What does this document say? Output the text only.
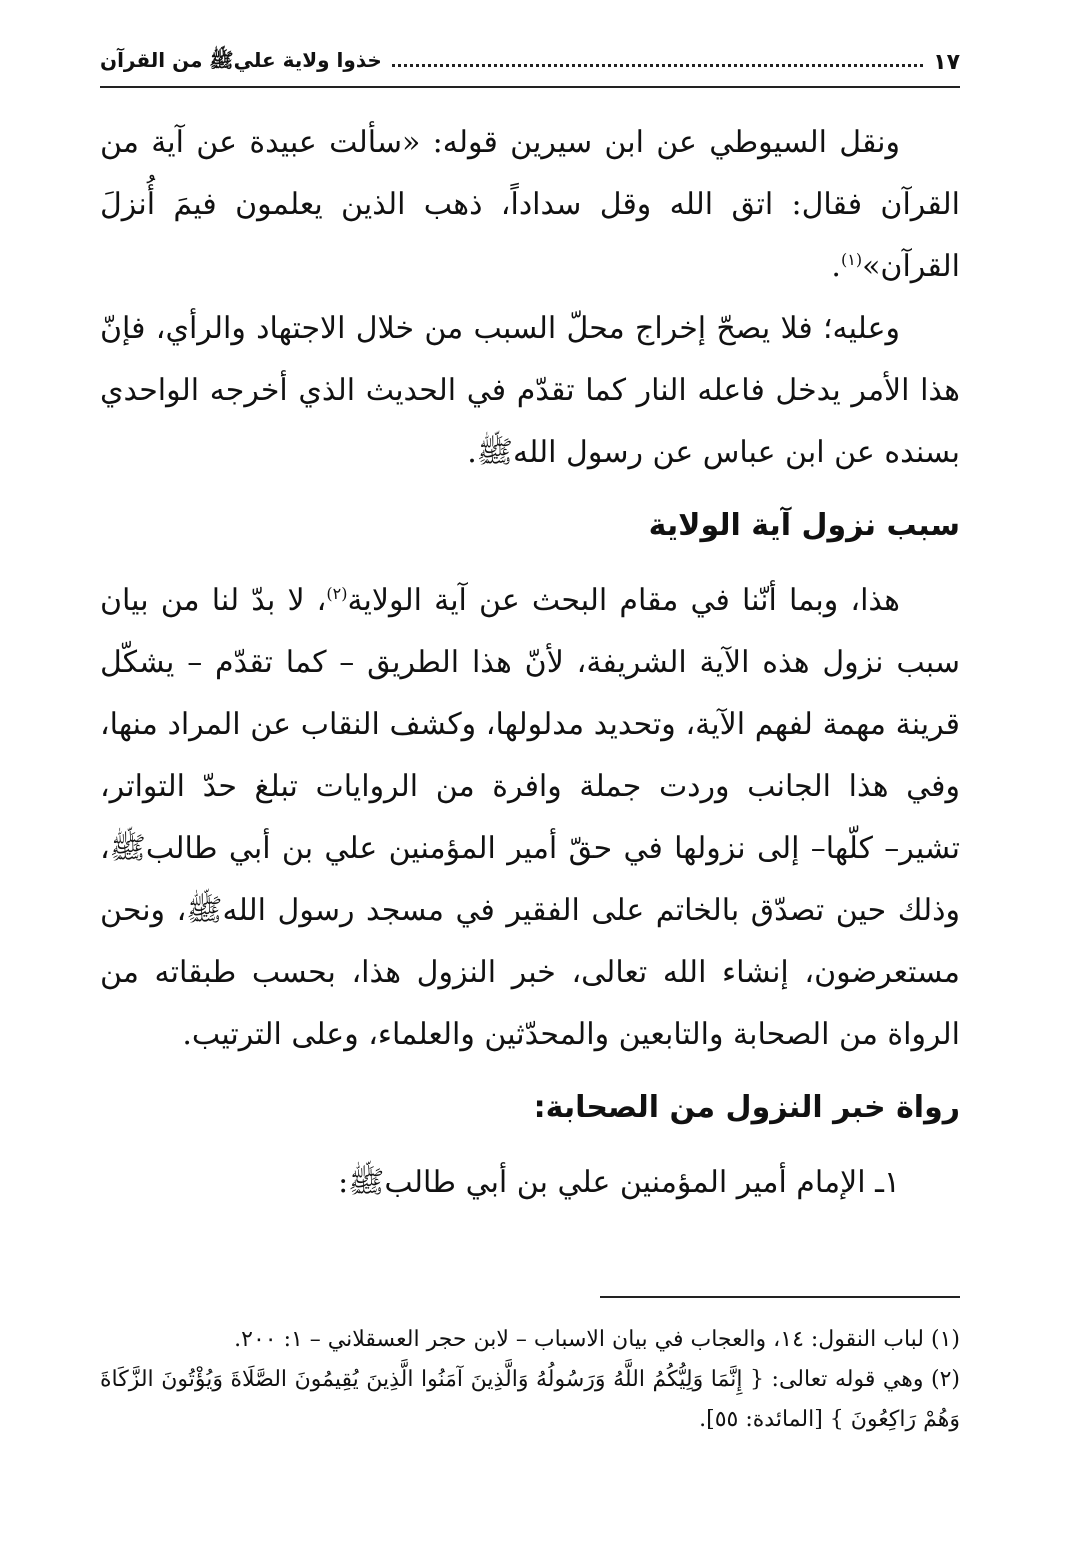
١٧
خذوا ولاية عليﷺ من القرآن

ونقل السيوطي عن ابن سيرين قوله: «سألت عبيدة عن آية من القرآن فقال: اتق الله وقل سداداً، ذهب الذين يعلمون فيمَ أُنزلَ القرآن»$^{(١)}$.

وعليه؛ فلا يصحّ إخراج محلّ السبب من خلال الاجتهاد والرأي، فإنّ هذا الأمر يدخل فاعله النار كما تقدّم في الحديث الذي أخرجه الواحدي بسنده عن ابن عباس عن رسول اللهﷺ.

سبب نزول آية الولاية

هذا، وبما أنّنا في مقام البحث عن آية الولاية$^{(٢)}$، لا بدّ لنا من بيان سبب نزول هذه الآية الشريفة، لأنّ هذا الطريق – كما تقدّم – يشكّل قرينة مهمة لفهم الآية، وتحديد مدلولها، وكشف النقاب عن المراد منها، وفي هذا الجانب وردت جملة وافرة من الروايات تبلغ حدّ التواتر، تشير– كلّها– إلى نزولها في حقّ أمير المؤمنين علي بن أبي طالبﷺ، وذلك حين تصدّق بالخاتم على الفقير في مسجد رسول اللهﷺ، ونحن مستعرضون، إنشاء الله تعالى، خبر النزول هذا، بحسب طبقاته من الرواة من الصحابة والتابعين والمحدّثين والعلماء، وعلى الترتيب.

رواة خبر النزول من الصحابة:

١ـ الإمام أمير المؤمنين علي بن أبي طالبﷺ:

(١) لباب النقول: ١٤، والعجاب في بيان الاسباب – لابن حجر العسقلاني – ١: ٢٠٠.

(٢) وهي قوله تعالى: { إِنَّمَا وَلِيُّكُمُ اللَّهُ وَرَسُولُهُ وَالَّذِينَ آمَنُوا الَّذِينَ يُقِيمُونَ الصَّلَاةَ وَيُؤْتُونَ الزَّكَاةَ وَهُمْ رَاكِعُونَ } [المائدة: ٥٥].
